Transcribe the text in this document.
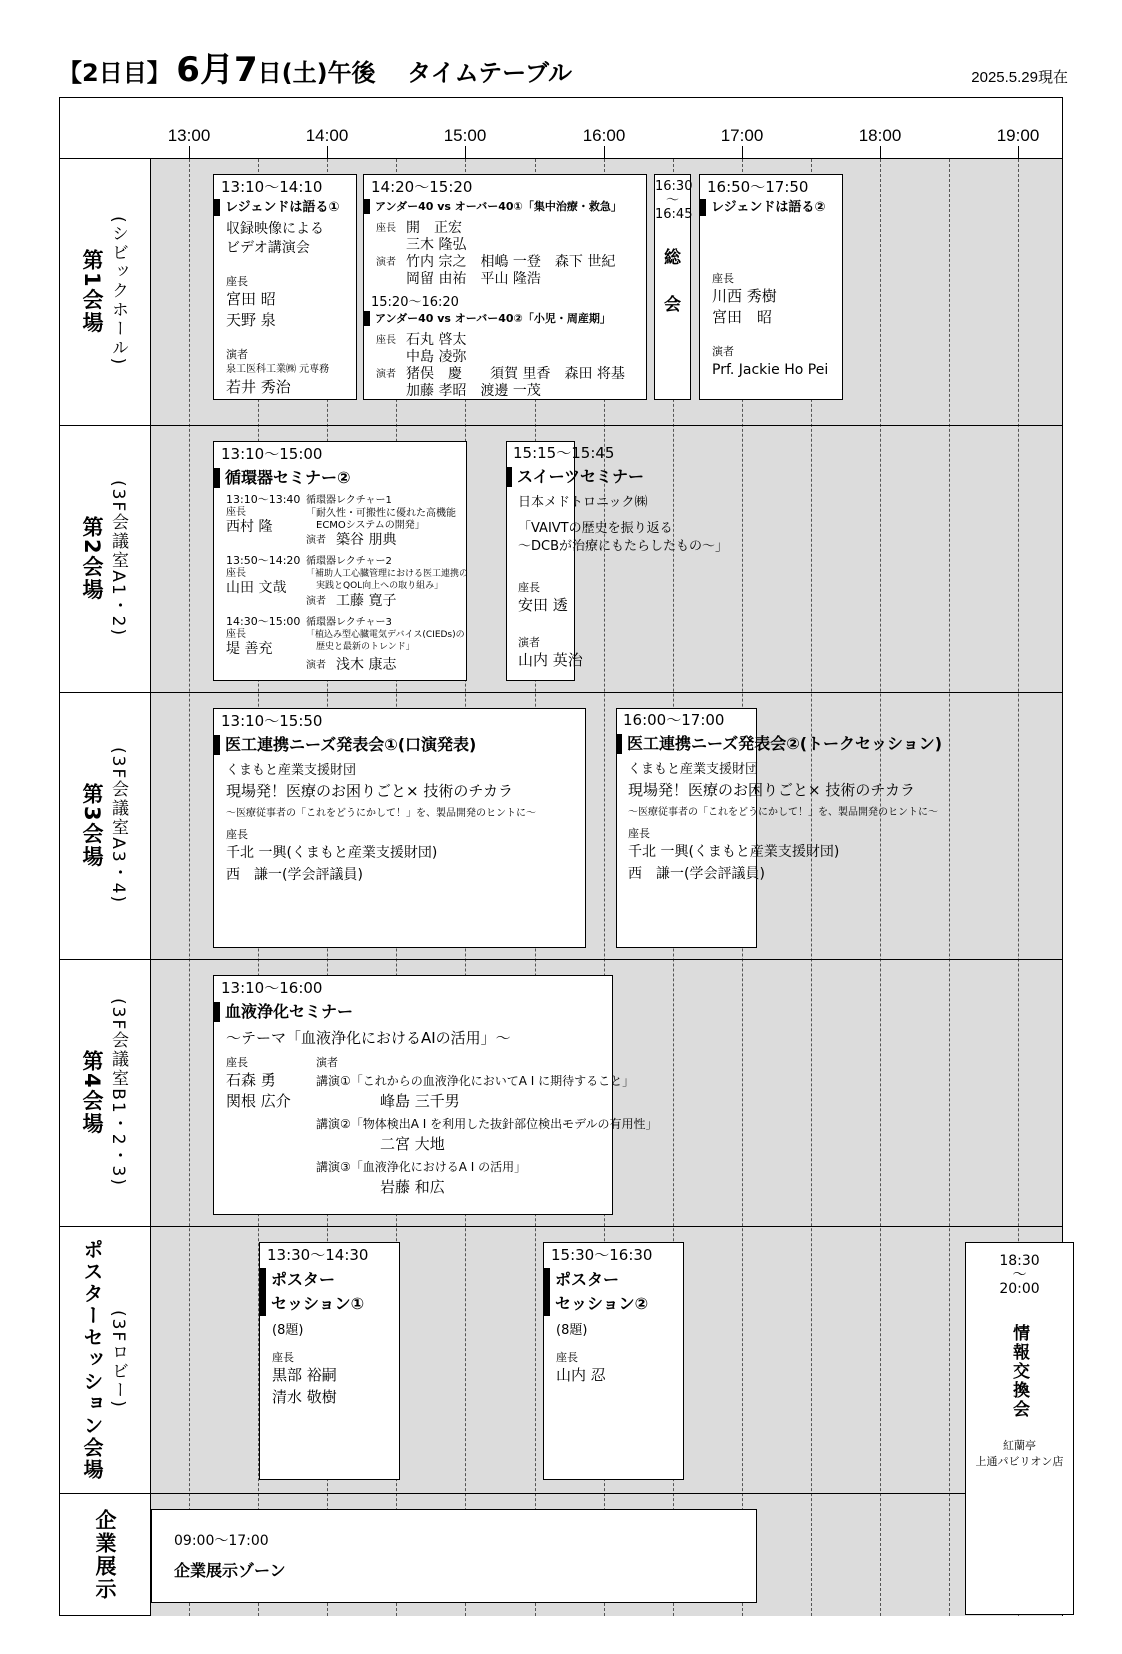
【2日目】 6月7日(土)午後 タイムテーブル	2025.5.29現在
13:00	14:00	15:00	16:00	17:00	18:00	19:00
第1会場 (シビックホール)
第2会場 (3F会議室A1・2)
第3会場 (3F会議室A3・4)
第4会場 (3F会議室B1・2・3)
ポスターセッション会場 (3Fロビー)
企業展示
13:10〜14:10
レジェンドは語る①
収録映像による
ビデオ講演会
座長
宮田 昭
天野 泉
演者
泉工医科工業㈱ 元専務
若井 秀治
14:20〜15:20
アンダー40 vs オーバー40①「集中治療・救急」
座長 開　正宏
三木 隆弘
演者 竹内 宗之　相嶋 一登　森下 世紀
岡留 由祐　平山 隆浩
15:20〜16:20
アンダー40 vs オーバー40②「小児・周産期」
座長 石丸 啓太
中島 凌弥
演者 猪俣　慶　　須賀 里香　森田 将基
加藤 孝昭　渡邊 一茂
16:30
〜
16:45
総
会
16:50〜17:50
レジェンドは語る②
座長
川西 秀樹
宮田　昭
演者
Prf. Jackie Ho Pei
13:10〜15:00
循環器セミナー②
13:10〜13:40 循環器レクチャー1
座長	「耐久性・可搬性に優れた高機能
西村 隆	ECMOシステムの開発」
演者 築谷 朋典
13:50〜14:20 循環器レクチャー2
座長	「補助人工心臓管理における医工連携の
山田 文哉	実践とQOL向上への取り組み」
演者 工藤 寛子
14:30〜15:00 循環器レクチャー3
座長	「植込み型心臓電気デバイス(CIEDs)の
堤 善充	歴史と最新のトレンド」
演者 浅木 康志
15:15〜15:45
スイーツセミナー
日本メドトロニック㈱
「VAIVTの歴史を振り返る
〜DCBが治療にもたらしたもの〜」
座長
安田 透
演者
山内 英治
13:10〜15:50
医工連携ニーズ発表会①(口演発表)
くまもと産業支援財団
現場発！医療のお困りごと× 技術のチカラ
〜医療従事者の「これをどうにかして！」を、製品開発のヒントに〜
座長
千北 一興(くまもと産業支援財団)
西　謙一(学会評議員)
16:00〜17:00
医工連携ニーズ発表会②(トークセッション)
くまもと産業支援財団
現場発！医療のお困りごと× 技術のチカラ
〜医療従事者の「これをどうにかして！」を、製品開発のヒントに〜
座長
千北 一興(くまもと産業支援財団)
西　謙一(学会評議員)
13:10〜16:00
血液浄化セミナー
〜テーマ「血液浄化におけるAIの活用」〜
座長	演者
石森 勇
関根 広介
講演①「これからの血液浄化においてA I に期待すること」
峰島 三千男
講演②「物体検出A I を利用した抜針部位検出モデルの有用性」
二宮 大地
講演③「血液浄化におけるA I の活用」
岩藤 和広
13:30〜14:30
ポスター
セッション①
(8題)
座長
黒部 裕嗣
清水 敬樹
15:30〜16:30
ポスター
セッション②
(8題)
座長
山内 忍
18:30
〜
20:00
情報交換会
紅蘭亭
上通パビリオン店
09:00〜17:00
企業展示ゾーン
